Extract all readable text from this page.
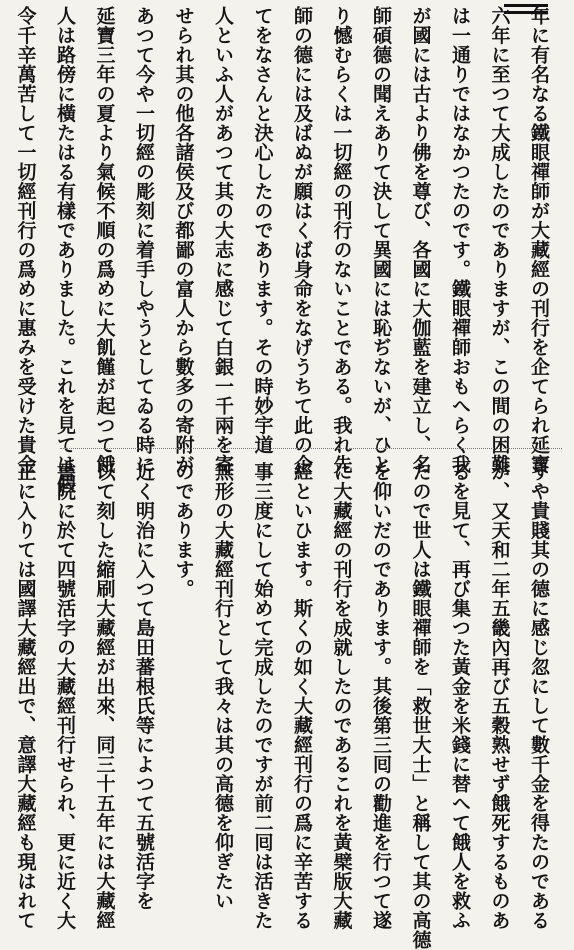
年に有名なる鐵眼禪師が大藏經の刊行を企てられ延寶
六年に至つて大成したのでありますが、この間の困難
は一通りではなかつたのです。鐵眼禪師おもへらく我
が國には古より佛を尊び、各國に大伽藍を建立し、名
師碩德の聞えありて決して異國には恥ぢないが、ひと
り憾むらくは一切經の刊行のないことである。我れ先
師の德には及ばぬが願はくば身命をなげうちて此の企
てをなさんと決心したのであります。その時妙宇道
人といふ人があつて其の大志に感じて白銀一千兩を寄
せられ其の他各諸侯及び都鄙の富人から數多の寄附が
あつて今や一切經の彫刻に着手しやうとしてゐる時に
延寶三年の夏より氣候不順の爲めに大飢饉が起つて餓
人は路傍に橫たはる有樣でありました。これを見ては假
令千辛萬苦して一切經刊行の爲めに惠みを受けた貴金

すや貴賤其の德に感じ忽にして數千金を得たのである
が、又天和二年五畿內再び五穀熟せず餓死するものあ
るを見て、再び集つた黃金を米錢に替へて餓人を救ふ
たので世人は鐵眼禪師を「救世大士」と稱して其の高德
を仰いだのであります。其後第三囘の勸進を行つて遂
に大藏經の刊行を成就したのであるこれを黃檗版大藏
經といひます。斯くの如く大藏經刊行の爲に辛苦する
事三度にして始めて完成したのですが前二囘は活きた
無形の大藏經刊行として我々は其の高德を仰ぎたい
のであります。
近く明治に入つて島田蕃根氏等によつて五號活字を
以て刻した縮刷大藏經が出來、同三十五年には大藏經
書院に於て四號活字の大藏經刊行せられ、更に近く大
正に入りては國譯大藏經出で、意譯大藏經も現はれて
